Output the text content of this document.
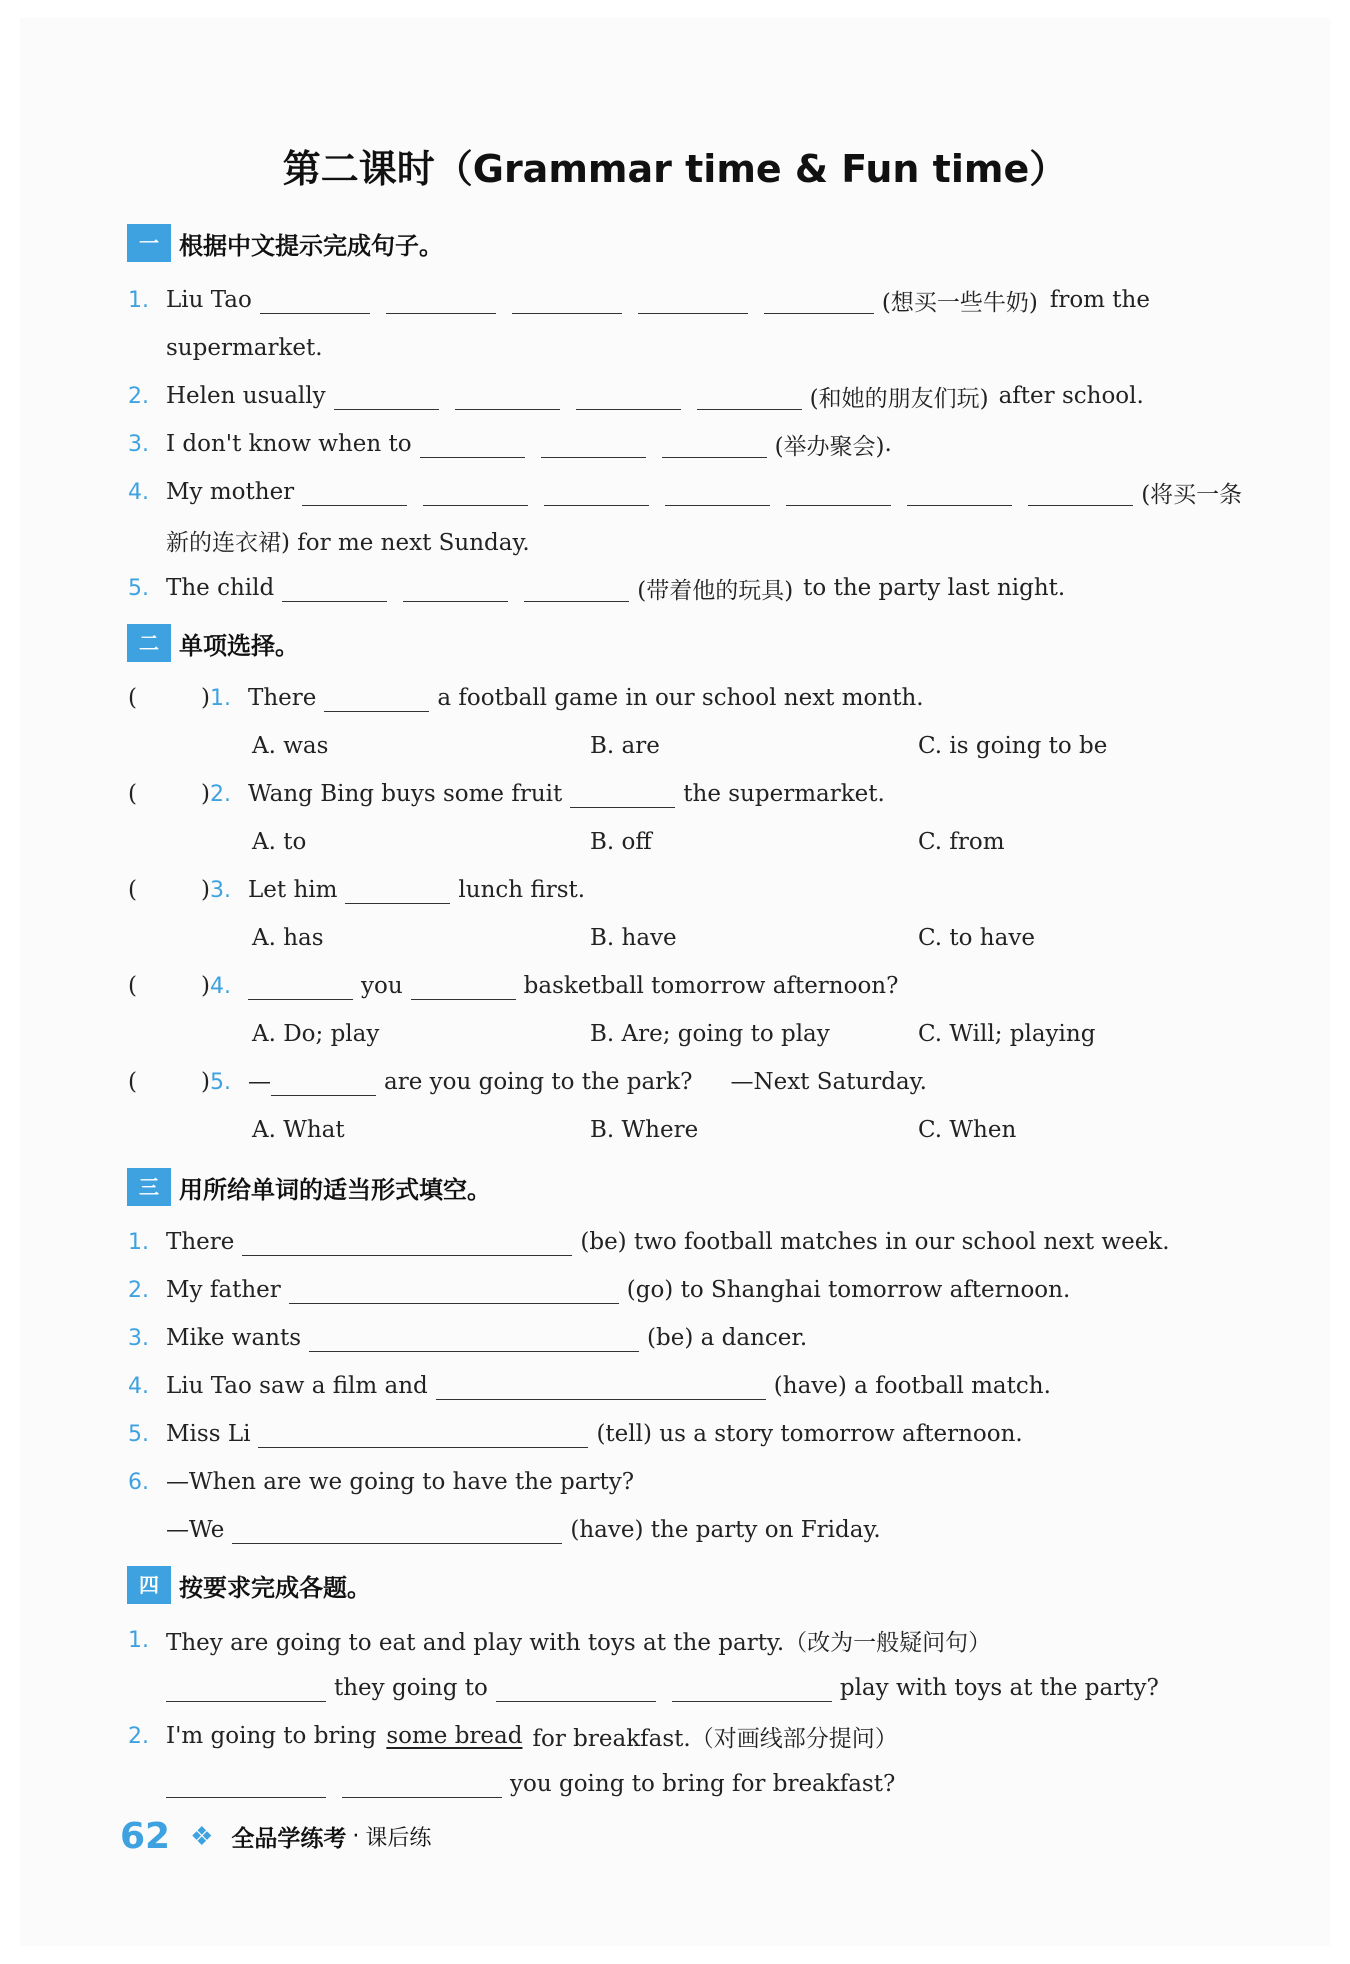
第二课时（Grammar time & Fun time）
一 根据中文提示完成句子。
1. Liu Tao	(想买一些牛奶) from the
supermarket.
2. Helen usually	(和她的朋友们玩) after school.
3. I don't know when to	(举办聚会) .
4. My mother	(将买一条
新的连衣裙) for me next Sunday.
5. The child	(带着他的玩具) to the party last night.
二 单项选择。
(	) 1. There	a football game in our school next month.
A. was	B. are	C. is going to be
(	) 2. Wang Bing buys some fruit	the supermarket.
A. to	B. off	C. from
(	) 3. Let him	lunch first.
A. has	B. have	C. to have
(	) 4.	you	basketball tomorrow afternoon?
A. Do; play	B. Are; going to play	C. Will; playing
(	) 5. —	are you going to the park? —Next Saturday.
A. What	B. Where	C. When
三 用所给单词的适当形式填空。
1. There	(be) two football matches in our school next week.
2. My father	(go) to Shanghai tomorrow afternoon.
3. Mike wants	(be) a dancer.
4. Liu Tao saw a film and	(have) a football match.
5. Miss Li	(tell) us a story tomorrow afternoon.
6. —When are we going to have the party?
—We	(have) the party on Friday.
四 按要求完成各题。
1. They are going to eat and play with toys at the party.（改为一般疑问句）
they going to	play with toys at the party?
2. I'm going to bring some bread for breakfast.（对画线部分提问）
you going to bring for breakfast?
62 ❖ 全品学练考 · 课后练
